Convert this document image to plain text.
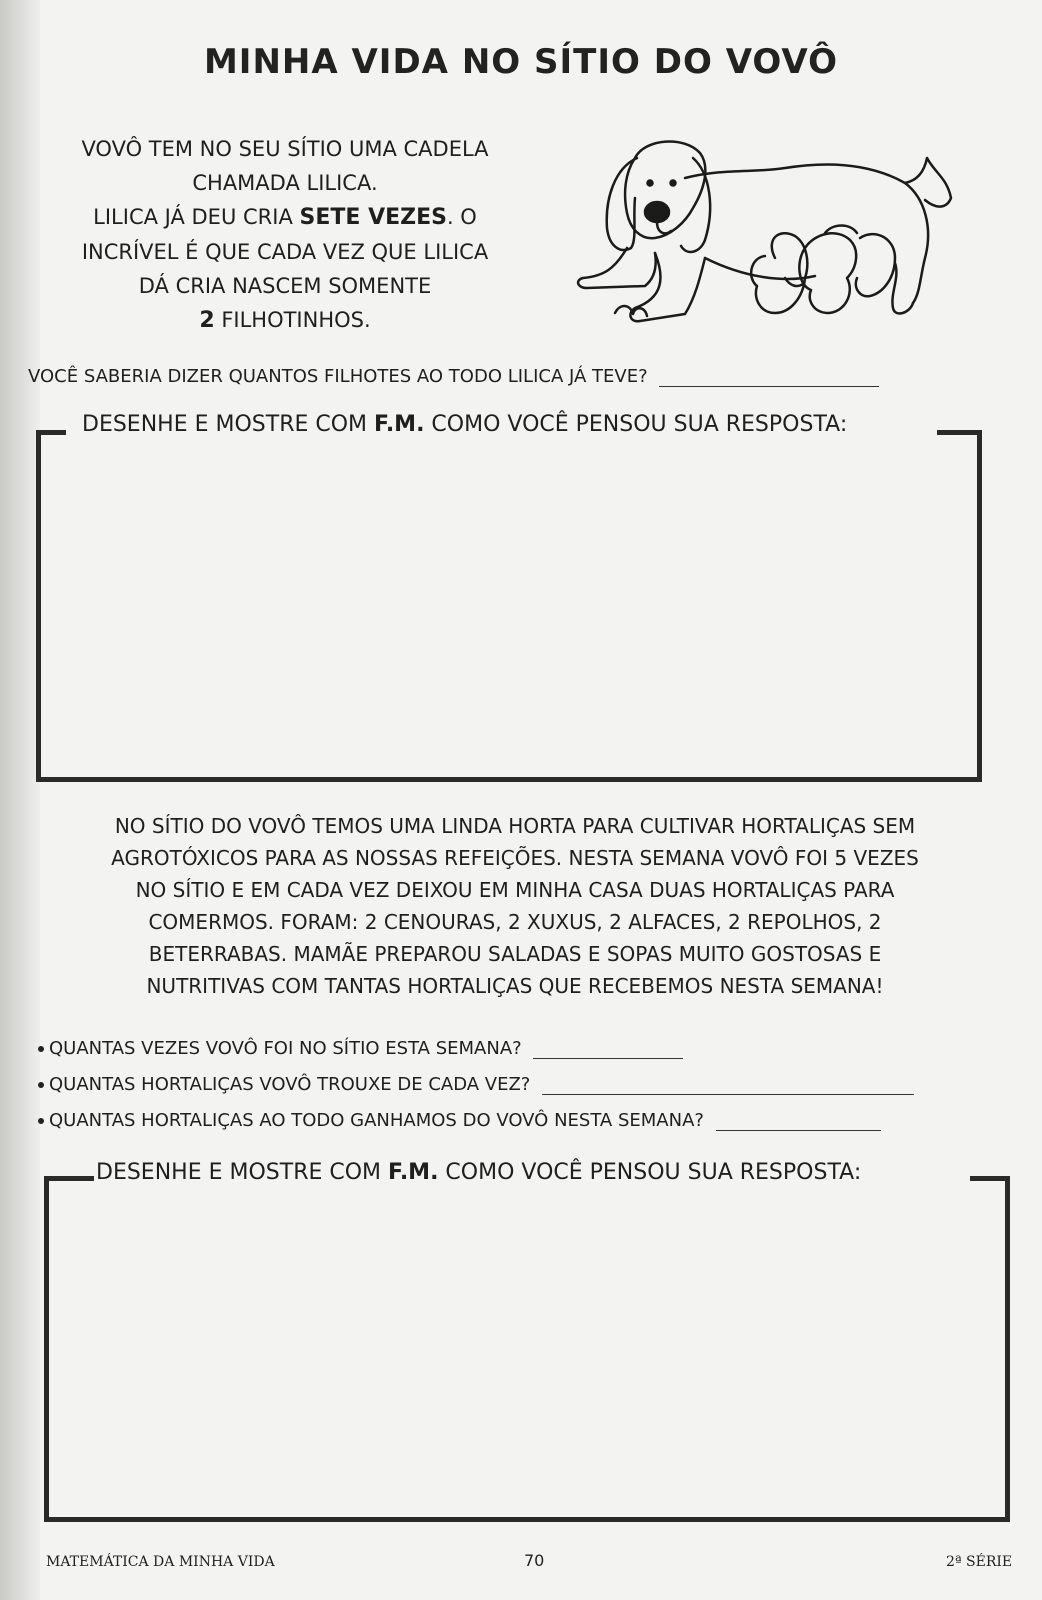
MINHA VIDA NO SÍTIO DO VOVÔ
VOVÔ TEM NO SEU SÍTIO UMA CADELA
CHAMADA LILICA.
LILICA JÁ DEU CRIA SETE VEZES. O
INCRÍVEL É QUE CADA VEZ QUE LILICA
DÁ CRIA NASCEM SOMENTE
2 FILHOTINHOS.
VOCÊ SABERIA DIZER QUANTOS FILHOTES AO TODO LILICA JÁ TEVE?
DESENHE E MOSTRE COM F.M. COMO VOCÊ PENSOU SUA RESPOSTA:
NO SÍTIO DO VOVÔ TEMOS UMA LINDA HORTA PARA CULTIVAR HORTALIÇAS SEM
AGROTÓXICOS PARA AS NOSSAS REFEIÇÕES. NESTA SEMANA VOVÔ FOI 5 VEZES
NO SÍTIO E EM CADA VEZ DEIXOU EM MINHA CASA DUAS HORTALIÇAS PARA
COMERMOS. FORAM: 2 CENOURAS, 2 XUXUS, 2 ALFACES, 2 REPOLHOS, 2
BETERRABAS. MAMÃE PREPAROU SALADAS E SOPAS MUITO GOSTOSAS E
NUTRITIVAS COM TANTAS HORTALIÇAS QUE RECEBEMOS NESTA SEMANA!
QUANTAS VEZES VOVÔ FOI NO SÍTIO ESTA SEMANA?
QUANTAS HORTALIÇAS VOVÔ TROUXE DE CADA VEZ?
QUANTAS HORTALIÇAS AO TODO GANHAMOS DO VOVÔ NESTA SEMANA?
DESENHE E MOSTRE COM F.M. COMO VOCÊ PENSOU SUA RESPOSTA:
MATEMÁTICA DA MINHA VIDA	70	2ª SÉRIE
